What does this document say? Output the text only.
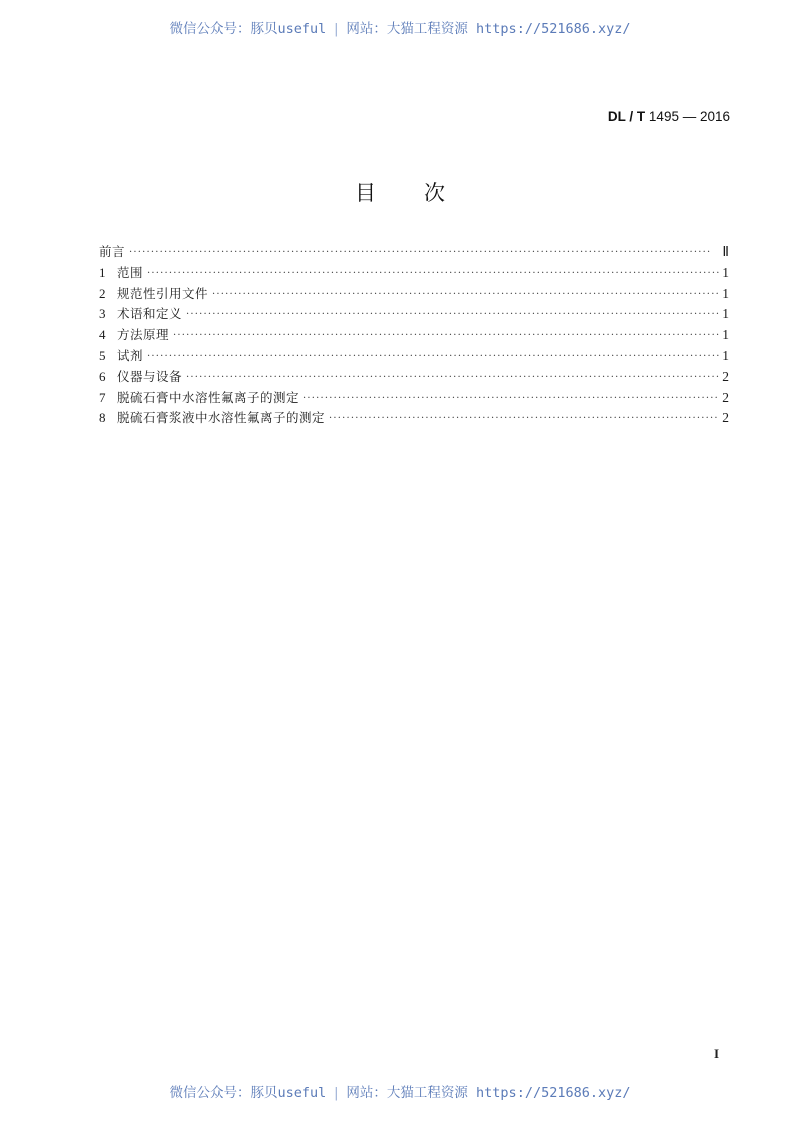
微信公众号：豚贝useful | 网站：大猫工程资源 https://521686.xyz/
DL / T 1495 — 2016
目 次
前言 ·····	Ⅱ
1 范围 ·····	1
2 规范性引用文件 ·····	1
3 术语和定义 ·····	1
4 方法原理 ·····	1
5 试剂 ·····	1
6 仪器与设备 ·····	2
7 脱硫石膏中水溶性氟离子的测定 ·····	2
8 脱硫石膏浆液中水溶性氟离子的测定 ·····	2
I
微信公众号：豚贝useful | 网站：大猫工程资源 https://521686.xyz/
